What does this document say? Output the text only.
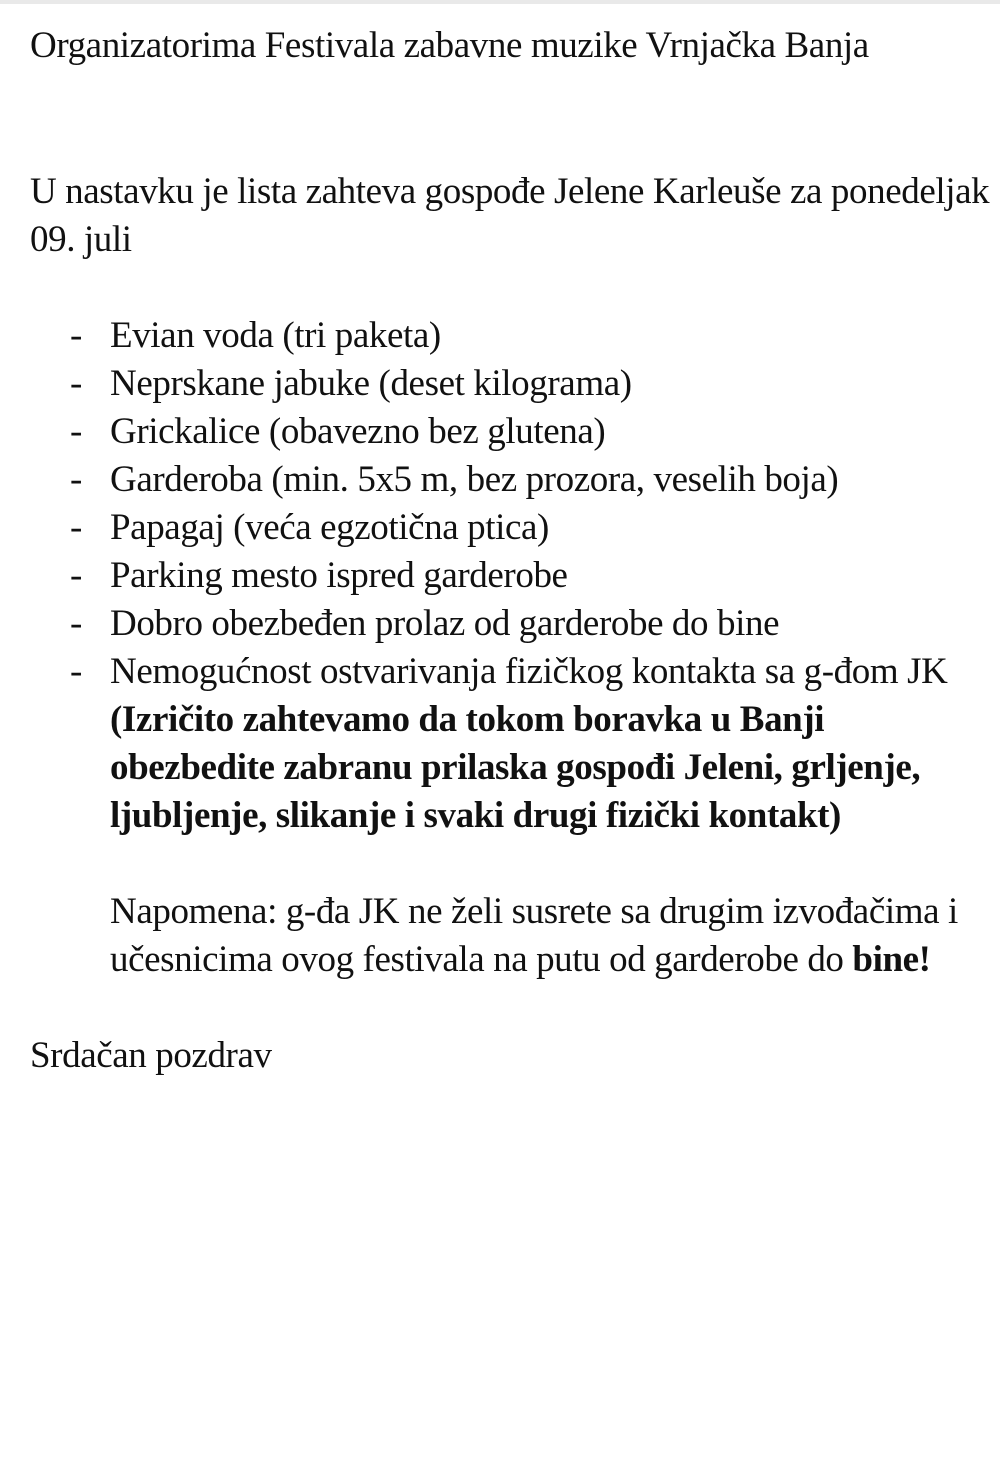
Organizatorima Festivala zabavne muzike Vrnjačka Banja

U nastavku je lista zahteva gospođe Jelene Karleuše za ponedeljak 09. juli

- Evian voda (tri paketa)
- Neprskane jabuke (deset kilograma)
- Grickalice (obavezno bez glutena)
- Garderoba (min. 5x5 m, bez prozora, veselih boja)
- Papagaj (veća egzotična ptica)
- Parking mesto ispred garderobe
- Dobro obezbeđen prolaz od garderobe do bine
- Nemogućnost ostvarivanja fizičkog kontakta sa g-đom JK (Izričito zahtevamo da tokom boravka u Banji obezbedite zabranu prilaska gospođi Jeleni, grljenje, ljubljenje, slikanje i svaki drugi fizički kontakt)

Napomena: g-đa JK ne želi susrete sa drugim izvođačima i učesnicima ovog festivala na putu od garderobe do bine!

Srdačan pozdrav
